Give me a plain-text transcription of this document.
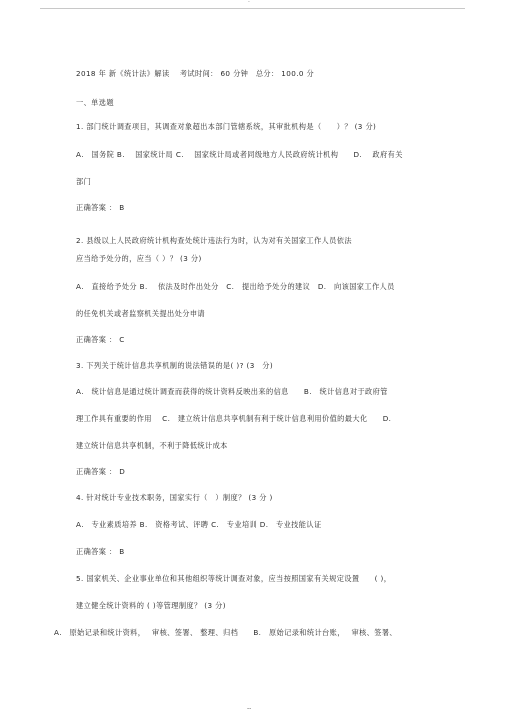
-
2018 年 新《统计法》解读　 考试时间： 60 分钟　总分： 100.0 分
一、单选题
1. 部门统计调查项目，其调查对象超出本部门管辖系统，其审批机构是（　　）？ (3 分)
A.　国务院 B.　 国家统计局 C.　 国家统计局或者同级地方人民政府统计机构　　D.　 政府有关
部门
正确答案 ： B
2. 县级以上人民政府统计机构查处统计违法行为时，认为对有关国家工作人员依法
应当给予处分的，应当（ ）？ (3 分)
A.　直接给予处分 B.　 依法及时作出处分　C.　提出给予处分的建议　D.　向该国家工作人员
的任免机关或者监察机关提出处分申请
正确答案 ： C
3. 下列关于统计信息共享机制的说法错误的是( )? (3　分)
A.　统计信息是通过统计调查而获得的统计资料反映出来的信息　　B.　统计信息对于政府管
理工作具有重要的作用　 C.　建立统计信息共享机制有利于统计信息利用价值的最大化　　D.
建立统计信息共享机制，不利于降低统计成本
正确答案 ： D
4. 针对统计专业技术职务，国家实行（　）制度？ (3 分 )
A.　专业素质培养 B.　资格考试、评聘 C.　专业培训 D.　专业技能认证
正确答案 ： B
5. 国家机关、企业事业单位和其他组织等统计调查对象，应当按照国家有关规定设置　　( )，
建立健全统计资料的 ( )等管理制度？ (3 分)
A.　原始记录和统计资料，　 审核、签署、 整理、归档　　B.　原始记录和统计台账，　 审核、签署、
--
